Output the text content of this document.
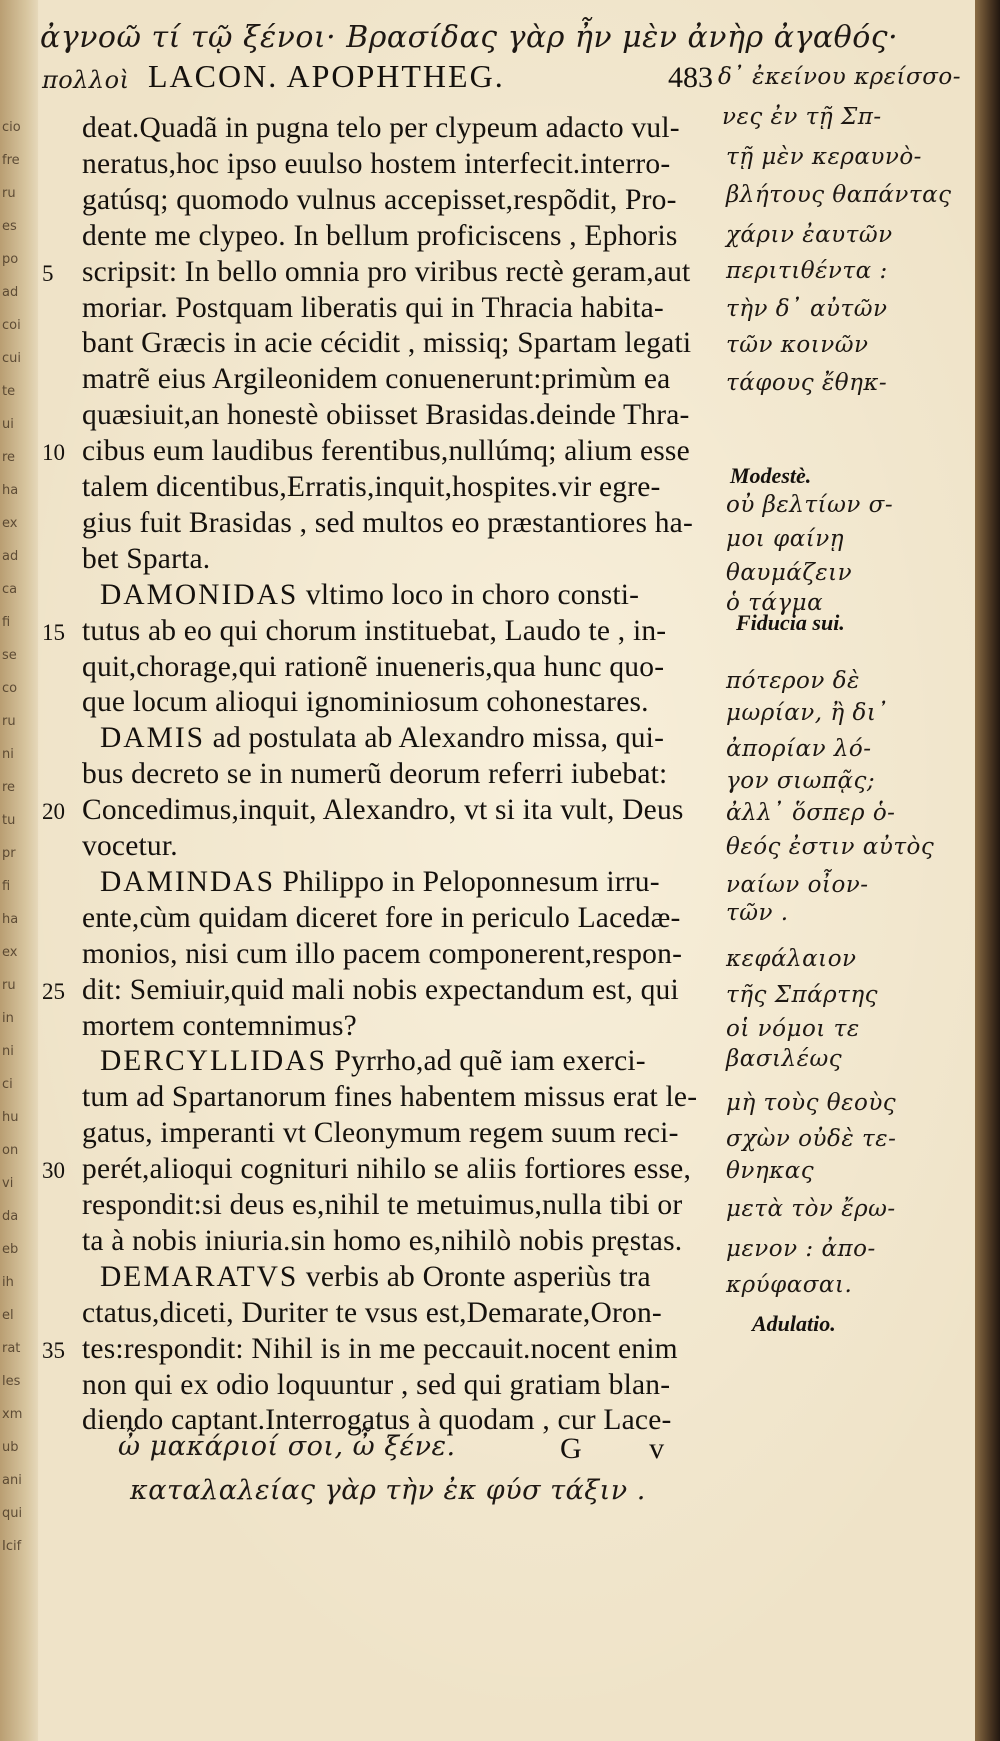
cio
fre
ru
es
po
ad
coi
cui
te
ui
re
ha
ex
ad
ca
fi
se
co
ru
ni
re
tu
pr
fi
ha
ex
ru
in
ni
ci
hu
on
vi
da
eb
ih
el
rat
les
xm
ub
ani
qui
Icif
ἀγνοῶ τί τῷ ξένοι· Βρασίδας γὰρ ἦν μὲν ἀνὴρ ἀγαθός·
πολλοὶ LACON. APOPHTHEG.	483 δ᾽ ἐκείνου κρείσσο-
deat.Quadã in pugna telo per clypeum adacto vul-
neratus,hoc ipso euulso hostem interfecit.interro-
gatúsq; quomodo vulnus accepisset,respõdit, Pro-
dente me clypeo. In bellum proficiscens , Ephoris
5 scripsit: In bello omnia pro viribus rectè geram,aut
moriar. Postquam liberatis qui in Thracia habita-
bant Græcis in acie cécidit , missiq; Spartam legati
matrẽ eius Argileonidem conuenerunt:primùm ea
quæsiuit,an honestè obiisset Brasidas.deinde Thra-
10 cibus eum laudibus ferentibus,nullúmq; alium esse
talem dicentibus,Erratis,inquit,hospites.vir egre-
gius fuit Brasidas , sed multos eo præstantiores ha-
bet Sparta.
DAMONIDAS vltimo loco in choro consti-
15 tutus ab eo qui chorum instituebat, Laudo te , in-
quit,chorage,qui rationẽ inueneris,qua hunc quo-
que locum alioqui ignominiosum cohonestares.
DAMIS ad postulata ab Alexandro missa, qui-
bus decreto se in numerũ deorum referri iubebat:
20 Concedimus,inquit, Alexandro, vt si ita vult, Deus
vocetur.
DAMINDAS Philippo in Peloponnesum irru-
ente,cùm quidam diceret fore in periculo Lacedæ-
monios, nisi cum illo pacem componerent,respon-
25 dit: Semiuir,quid mali nobis expectandum est, qui
mortem contemnimus?
DERCYLLIDAS Pyrrho,ad quẽ iam exerci-
tum ad Spartanorum fines habentem missus erat le-
gatus, imperanti vt Cleonymum regem suum reci-
30 perét,alioqui cognituri nihilo se aliis fortiores esse,
respondit:si deus es,nihil te metuimus,nulla tibi or
ta à nobis iniuria.sin homo es,nihilò nobis pręstas.
DEMARATVS verbis ab Oronte asperiùs tra
ctatus,diceti, Duriter te vsus est,Demarate,Oron-
35 tes:respondit: Nihil is in me peccauit.nocent enim
non qui ex odio loquuntur , sed qui gratiam blan-
diendo captant.Interrogatus à quodam , cur Lace-
Modestè.
Fiducia sui.
Adulatio.
νες ἐν τῇ Σπ-
τῇ μὲν κεραυνὸ-
βλήτους θαπάντας
χάριν ἐαυτῶν
περιτιθέντα :
τὴν δ᾽ αὐτῶν
τῶν κοινῶν
τάφους ἔθηκ-
οὐ βελτίων σ-
μοι φαίνῃ
θαυμάζειν
ὁ τάγμα
πότερον δὲ
μωρίαν, ἢ δι᾽
ἀπορίαν λό-
γον σιωπᾷς;
ἀλλ᾽ ὅσπερ ὁ-
θεός ἐστιν αὐτὸς
ναίων οἶον-
τῶν .
κεφάλαιον
τῆς Σπάρτης
οἱ νόμοι τε
βασιλέως
μὴ τοὺς θεοὺς
σχὼν οὐδὲ τε-
θνηκας
μετὰ τὸν ἔρω-
μενον : ἀπο-
κρύφασαι.
G v
ὦ μακάριοί σοι, ὦ ξένε.
καταλαλείας γὰρ τὴν ἐκ φύσ τάξιν .
